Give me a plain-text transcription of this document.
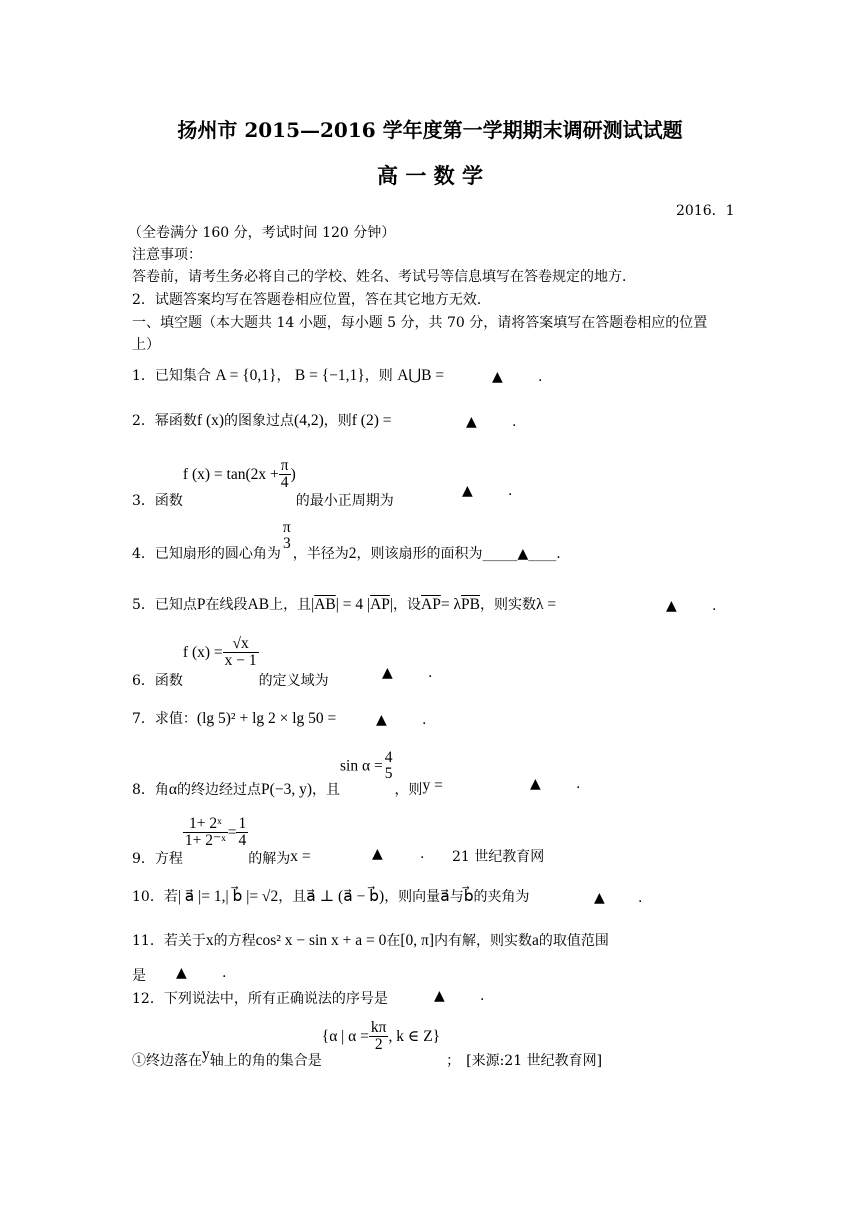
扬州市 2015—2016 学年度第一学期期末调研测试试题
高 一 数 学
2016．1
（全卷满分 160 分，考试时间 120 分钟）
注意事项：
答卷前，请考生务必将自己的学校、姓名、考试号等信息填写在答卷规定的地方．
2．试题答案均写在答题卷相应位置，答在其它地方无效．
一、填空题（本大题共 14 小题，每小题 5 分，共 70 分，请将答案填写在答题卷相应的位置
上）
1．已知集合 A = {0,1}， B = {−1,1}，则 A⋃B =	▲	.
2．幂函数f (x)的图象过点(4,2)，则f (2) =	▲	.
3．函数f $(x) = \tan(2x + \frac{\pi}{4}$ )的最小正周期为
▲	.
4．已知扇形的圆心角为
π
3
，半径为2，则该扇形的面积为_____▲____.
5．已知点P在线段AB上，且$|\overline{AB}| = 4$ $|\overline{AP}|$，设$\overline{AP}= \lambda\overline{PB}$，则实数λ =	▲	.
6．函数f $(x) = \frac{√x}{x - 1}$
的定义域为	▲	.
7．求值：(lg 5)² + lg 2 × lg 50 =	▲	.
8．角α的终边经过点P(−3, y)，且sin α = 4
5
，则y =	▲	.
9．方程
$\frac{\text{1+ 2ˣ}}{\text{1+ 2⁻ˣ}} = \frac{1}{4}$
的解为x =	▲	. 21 世纪教育网
10．若| a⃗ |= 1,| b⃗ |= √2，且a⃗ ⊥ (a⃗ − b⃗)，则向量a⃗与b⃗的夹角为	▲ .
11．若关于x的方程cos² x − sin x + a = 0在[0, π]内有解，则实数a的取值范围
是 ▲	.
12．下列说法中，所有正确说法的序号是	▲	.
①终边落在y轴上的角的集合是{α | $\alpha = \frac{k\pi}{2}$ , k ∈ Z}； [来源:21 世纪教育网]
